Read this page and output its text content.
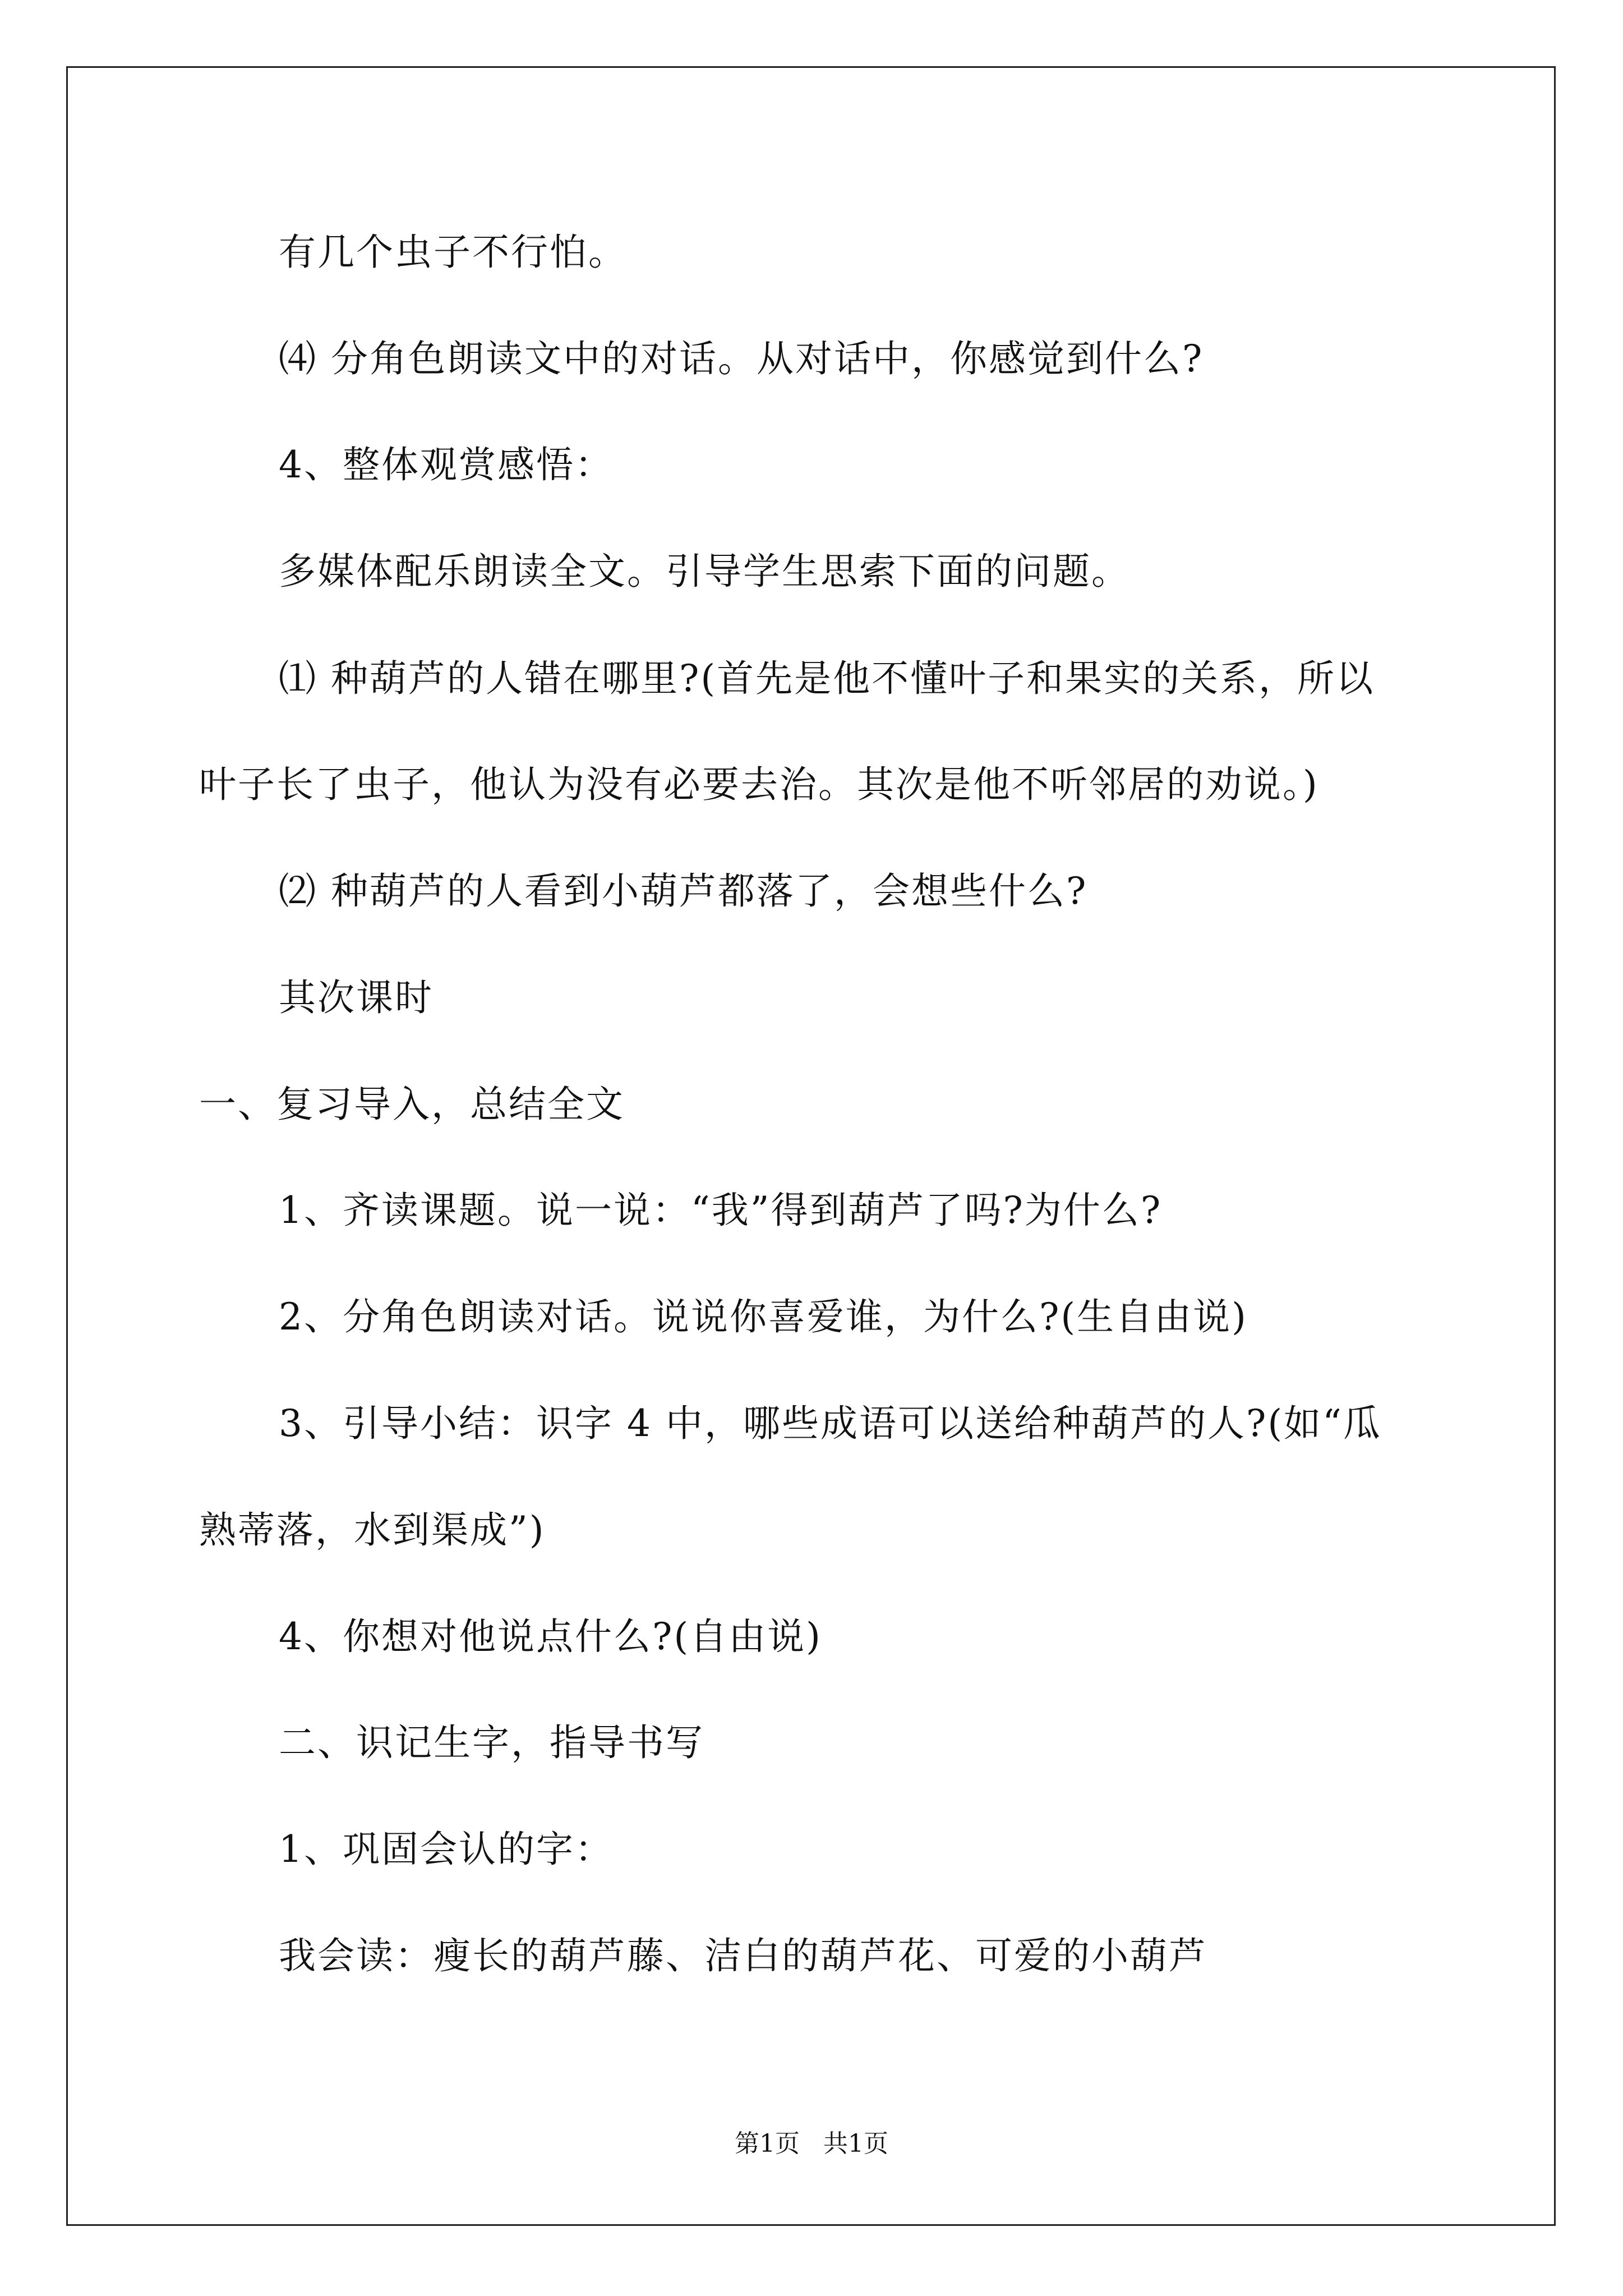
有几个虫子不行怕。
⑷ 分角色朗读文中的对话。从对话中，你感觉到什么?
4、整体观赏感悟：
多媒体配乐朗读全文。引导学生思索下面的问题。
⑴ 种葫芦的人错在哪里?(首先是他不懂叶子和果实的关系，所以
叶子长了虫子，他认为没有必要去治。其次是他不听邻居的劝说。)
⑵ 种葫芦的人看到小葫芦都落了，会想些什么?
其次课时
一、复习导入，总结全文
1、齐读课题。说一说：“我”得到葫芦了吗?为什么?
2、分角色朗读对话。说说你喜爱谁，为什么?(生自由说)
3、引导小结：识字 4 中，哪些成语可以送给种葫芦的人?(如“瓜
熟蒂落，水到渠成”)
4、你想对他说点什么?(自由说)
二、识记生字，指导书写
1、巩固会认的字：
我会读：瘦长的葫芦藤、洁白的葫芦花、可爱的小葫芦
第1页   共1页
